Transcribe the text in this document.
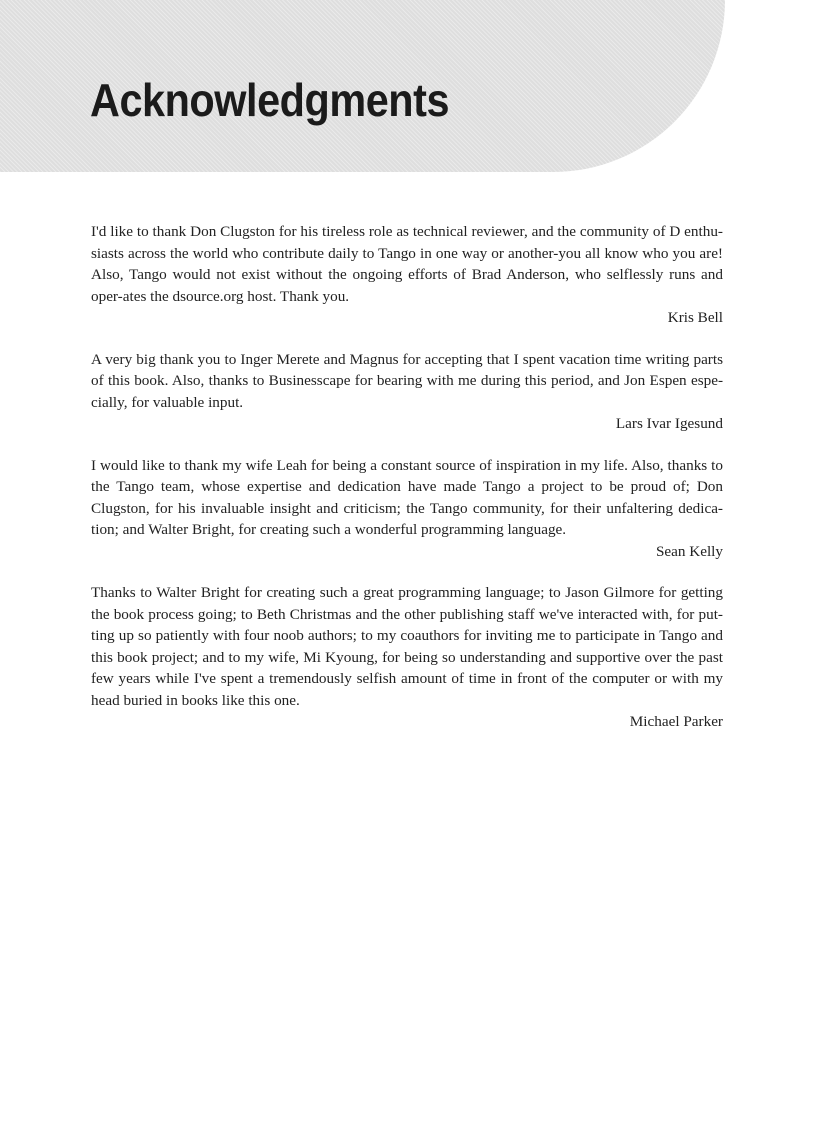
Acknowledgments

I'd like to thank Don Clugston for his tireless role as technical reviewer, and the community of D enthu-siasts across the world who contribute daily to Tango in one way or another-you all know who you are! Also, Tango would not exist without the ongoing efforts of Brad Anderson, who selflessly runs and oper-ates the dsource.org host. Thank you.

Kris Bell

A very big thank you to Inger Merete and Magnus for accepting that I spent vacation time writing parts of this book. Also, thanks to Businesscape for bearing with me during this period, and Jon Espen espe-cially, for valuable input.

Lars Ivar Igesund

I would like to thank my wife Leah for being a constant source of inspiration in my life. Also, thanks to the Tango team, whose expertise and dedication have made Tango a project to be proud of; Don Clugston, for his invaluable insight and criticism; the Tango community, for their unfaltering dedica-tion; and Walter Bright, for creating such a wonderful programming language.

Sean Kelly

Thanks to Walter Bright for creating such a great programming language; to Jason Gilmore for getting the book process going; to Beth Christmas and the other publishing staff we've interacted with, for put-ting up so patiently with four noob authors; to my coauthors for inviting me to participate in Tango and this book project; and to my wife, Mi Kyoung, for being so understanding and supportive over the past few years while I've spent a tremendously selfish amount of time in front of the computer or with my head buried in books like this one.

Michael Parker
